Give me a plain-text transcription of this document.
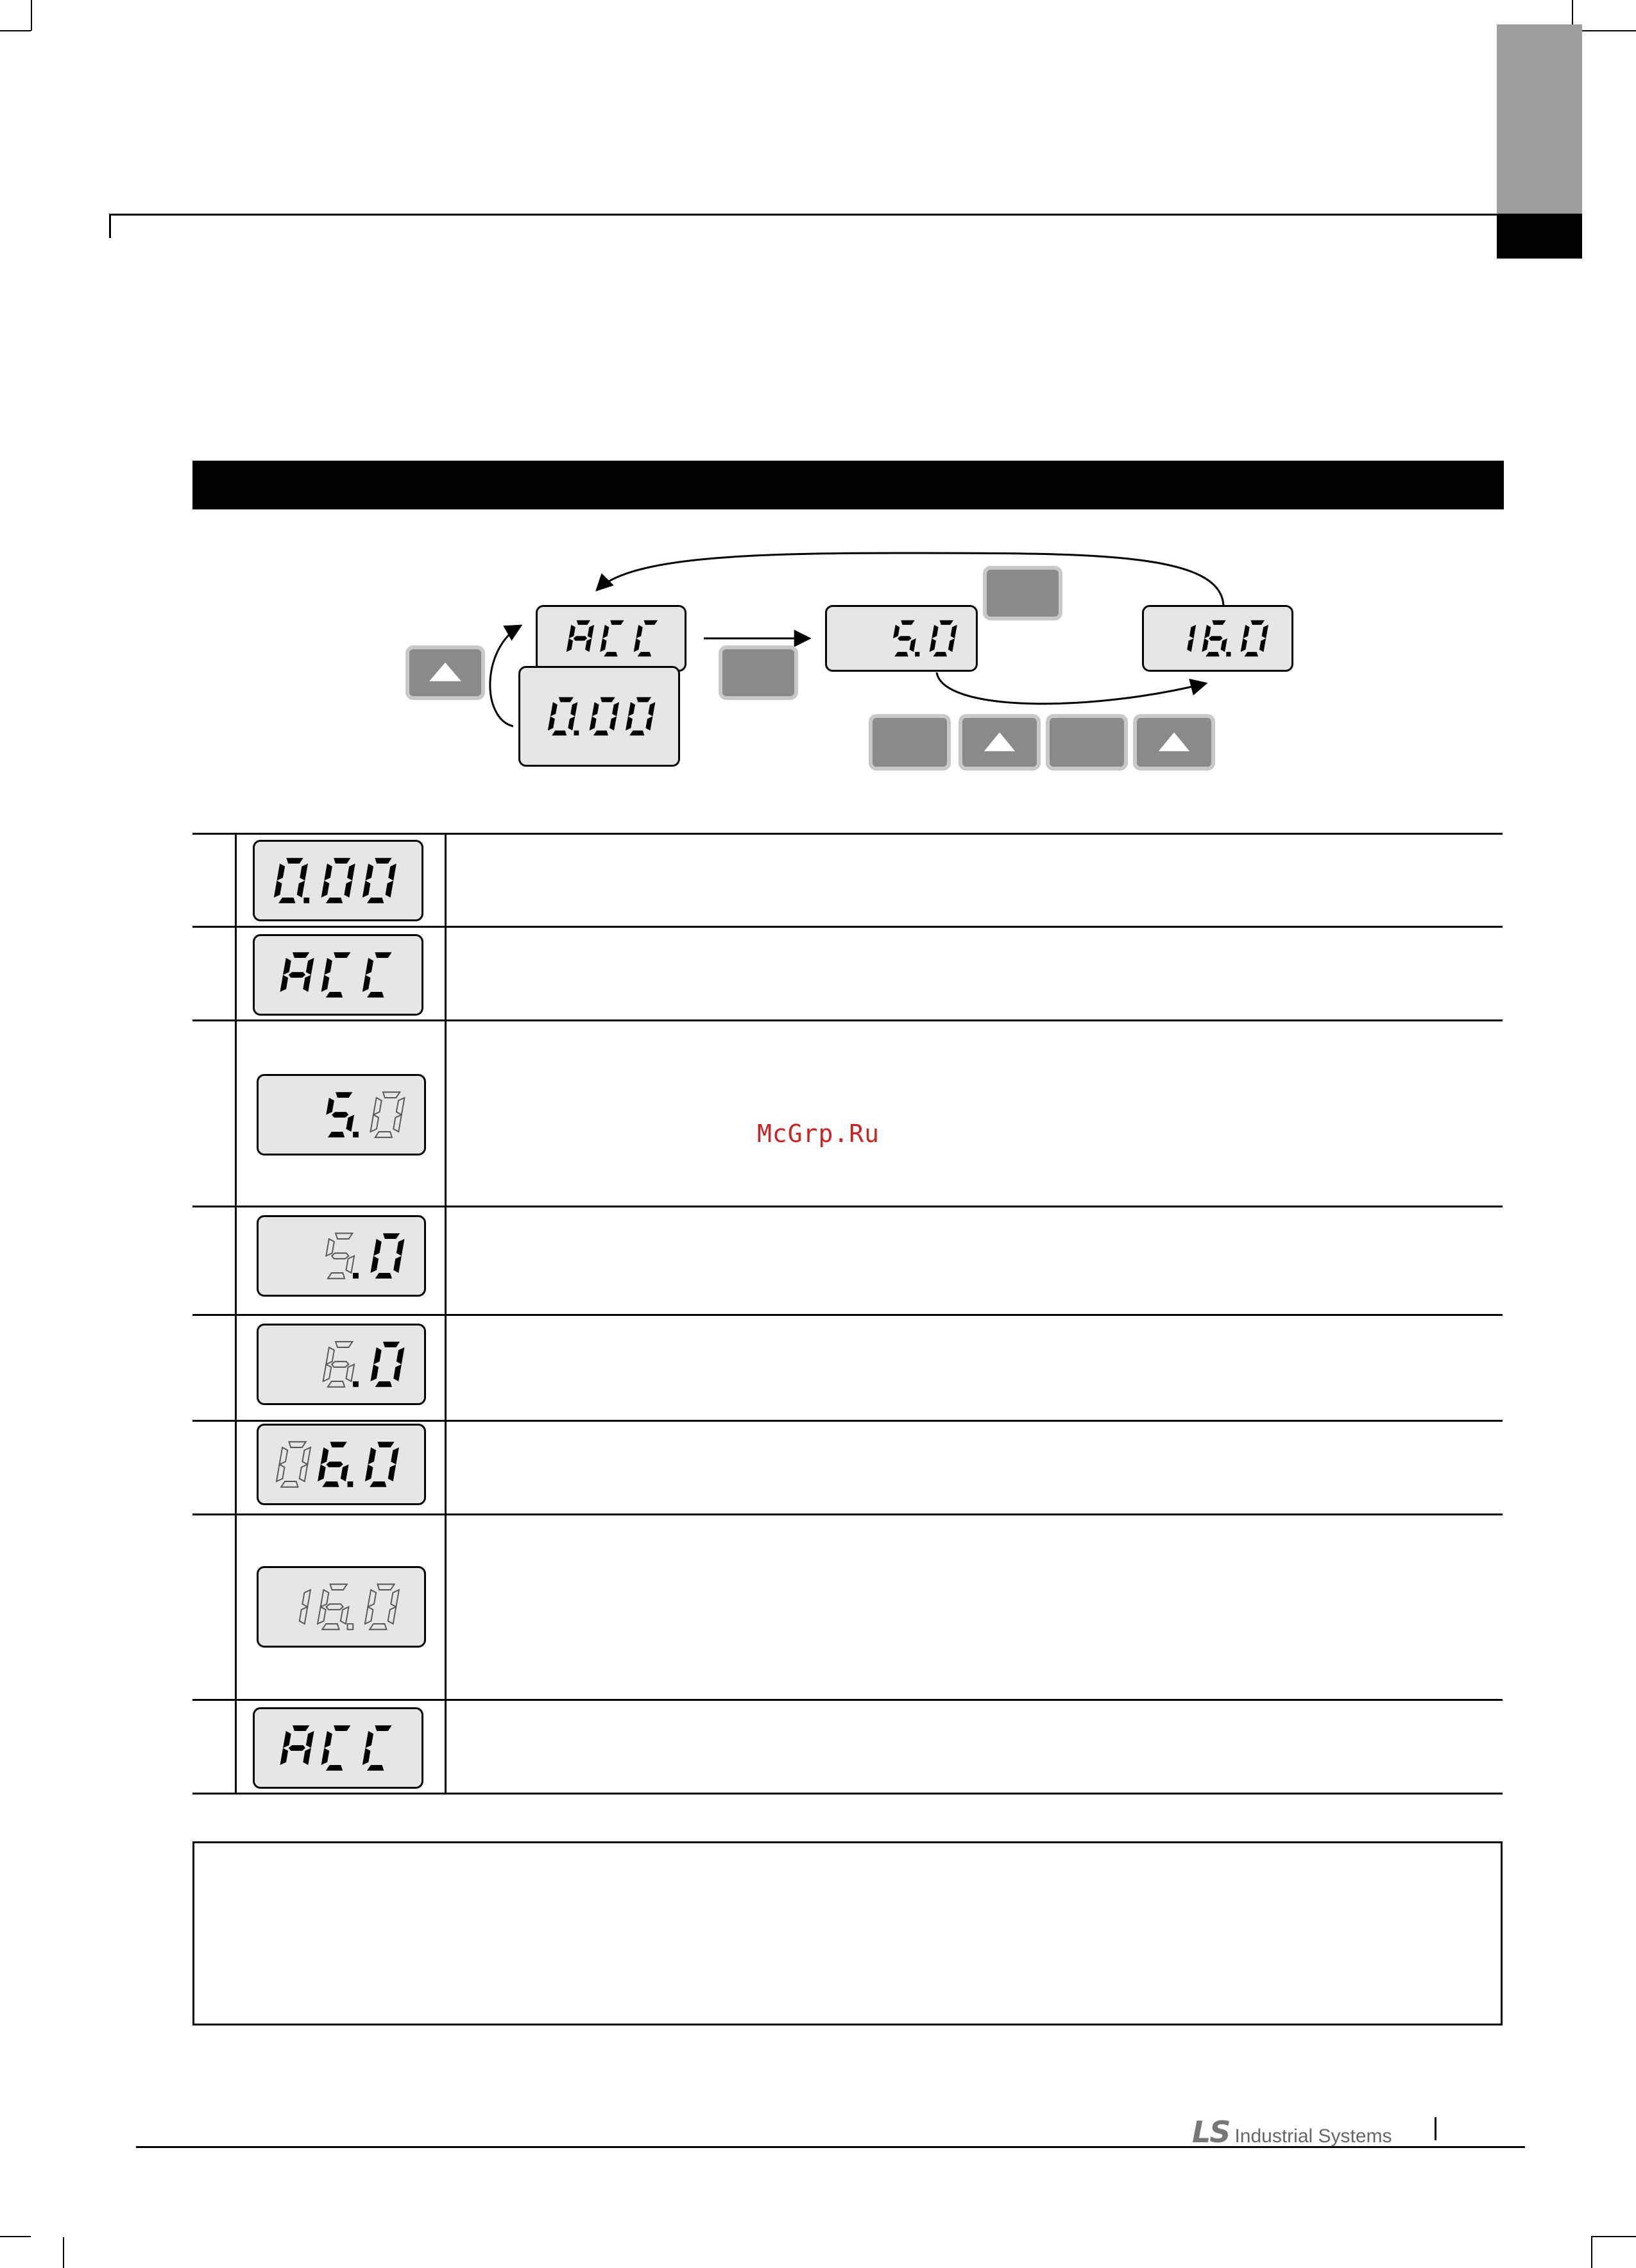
McGrp.Ru
LS Industrial Systems
